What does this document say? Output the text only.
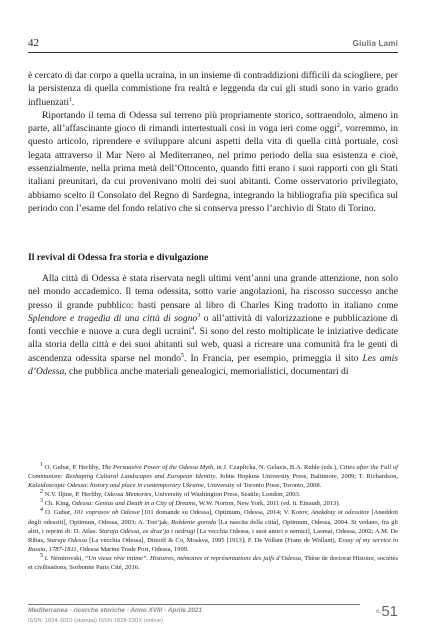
42	Giulia Lami

è cercato di dar corpo a quella ucraina, in un insieme di contraddizioni difficili da sciogliere, per la persistenza di quella commistione fra realtà e leggenda da cui gli studi sono in vario grado influenzati$^1$.

Riportando il tema di Odessa sul terreno più propriamente storico, sottraendolo, almeno in parte, all’affascinante gioco di rimandi intertestuali così in voga ieri come oggi$^2$, vorremmo, in questo articolo, riprendere e sviluppare alcuni aspetti della vita di quella città portuale, così legata attraverso il Mar Nero al Mediterraneo, nel primo periodo della sua esistenza e cioè, essenzialmente, nella prima metà dell’Ottocento, quando fitti erano i suoi rapporti con gli Stati italiani preunitari, da cui provenivano molti dei suoi abitanti. Come osservatorio privilegiato, abbiamo scelto il Consolato del Regno di Sardegna, integrando la bibliografia più specifica sul periodo con l’esame del fondo relativo che si conserva presso l’archivio di Stato di Torino.

Il revival di Odessa fra storia e divulgazione

Alla città di Odessa è stata riservata negli ultimi vent’anni una grande attenzione, non solo nel mondo accademico. Il tema odessita, sotto varie angolazioni, ha riscosso successo anche presso il grande pubblico: basti pensare al libro di Charles King tradotto in italiano come Splendore e tragedia di una città di sogno$^3$ o all’attività di valorizzazione e pubblicazione di fonti vecchie e nuove a cura degli ucraini$^4$. Si sono del resto moltiplicate le iniziative dedicate alla storia della città e dei suoi abitanti sul web, quasi a ricreare una comunità fra le genti di ascendenza odessita sparse nel mondo$^5$. In Francia, per esempio, primeggia il sito Les amis d’Odessa, che pubblica anche materiali genealogici, memorialistici, documentari di

$^1$ O. Gubar, P. Herlihy, The Persuasive Power of the Odessa Myth, in J. Czaplicka, N. Gelazis, B.A. Ruble (eds.), Cities after the Fall of Communism: Reshaping Cultural Landscapes and European Identity, Johns Hopkins University Press, Baltimore, 2009; T. Richardson, Kaleidoscopic Odessa: history and place in contemporary Ukraine, University of Toronto Press, Toronto, 2008.

$^2$ N.V. Iljine, P. Herlihy, Odessa Memories, University of Washington Press, Seattle; London, 2003.

$^3$ Ch. King, Odessa: Genius and Death in a City of Dreams, W.W. Norton, New York, 2011 (ed. it. Einaudi, 2013).

$^4$ O. Gubar, 101 voprasov ob Odesse [101 domande su Odessa], Optimum, Odessa, 2014; V. Kotov, Anekdoty ot odessitov [Aneddoti degli odessiti], Optimum, Odessa, 2003; A. Tret’jak, Roždenie goroda [La nascita della città], Optimum, Odessa, 2004. Si vedano, fra gli altri, i reprint di: D. Atlas. Staraja Odessa, ee druz’ja i nedrugi [La vecchia Odessa, i suoi amici e nemici], Lasmai, Odessa, 2002; A.M. De Ribas, Staraja Odessa [La vecchia Odessa], Dimoff & Co, Moskva, 1995 [1913]; F. De Vollant (Frans de Wollant), Essay of my service in Russia, 1787-1811, Odessa Marine Trade Port, Odessa, 1999.

$^5$ I. Némirovski, “Un vieux rêve intime”. Histoires, mémoires et représentations des juifs d’Odessa, Thèse de doctorat Histoire, sociétés et civilisations, Sorbonne Paris Cité, 2016.

Mediterranea - ricerche storiche - Anno XVIII - Aprile 2021
ISSN: 1824-3010 (stampa) ISSN 1828-230X (online)
n.51
